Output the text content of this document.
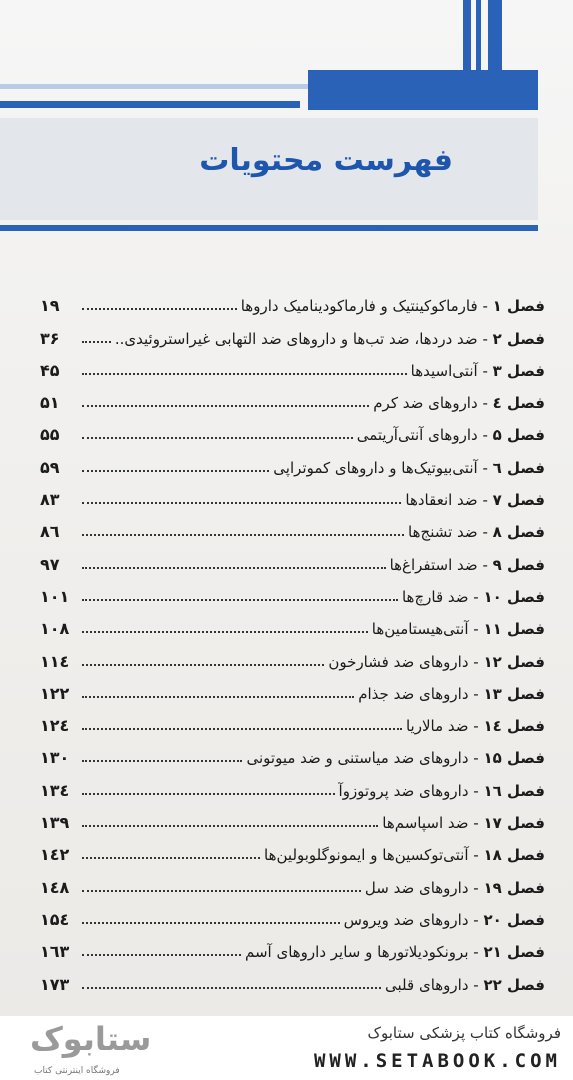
فهرست محتویات
فصل ۱ - فارماکوکینتیک و فارماکودینامیک داروها
۱۹
فصل ۲ - ضد دردها، ضد تب‌ها و داروهای ضد التهابی غیراستروئیدی..
۳۶
فصل ۳ - آنتی‌اسیدها
۴۵
فصل ٤ - داروهای ضد کرم
۵۱
فصل ۵ - داروهای آنتی‌آریتمی
۵۵
فصل ٦ - آنتی‌بیوتیک‌ها و داروهای کموتراپی
۵۹
فصل ۷ - ضد انعقادها
۸۳
فصل ۸ - ضد تشنج‌ها
۸٦
فصل ۹ - ضد استفراغ‌ها
۹۷
فصل ۱۰ - ضد قارچ‌ها
۱۰۱
فصل ۱۱ - آنتی‌هیستامین‌ها
۱۰۸
فصل ۱۲ - داروهای ضد فشارخون
۱۱٤
فصل ۱۳ - داروهای ضد جذام
۱۲۲
فصل ۱٤ - ضد مالاریا
۱۲٤
فصل ۱۵ - داروهای ضد میاستنی و ضد میوتونی
۱۳۰
فصل ۱٦ - داروهای ضد پروتوزوآ
۱۳٤
فصل ۱۷ - ضد اسپاسم‌ها
۱۳۹
فصل ۱۸ - آنتی‌توکسین‌ها و ایمونوگلوبولین‌ها
۱٤۲
فصل ۱۹ - داروهای ضد سل
۱٤۸
فصل ۲۰ - داروهای ضد ویروس
۱۵٤
فصل ۲۱ - برونکودیلاتورها و سایر داروهای آسم
۱٦۳
فصل ۲۲ - داروهای قلبی
۱۷۳
ستابوک
فروشگاه اینترنتی کتاب
فروشگاه کتاب پزشکی ستابوک
WWW.SETABOOK.COM
